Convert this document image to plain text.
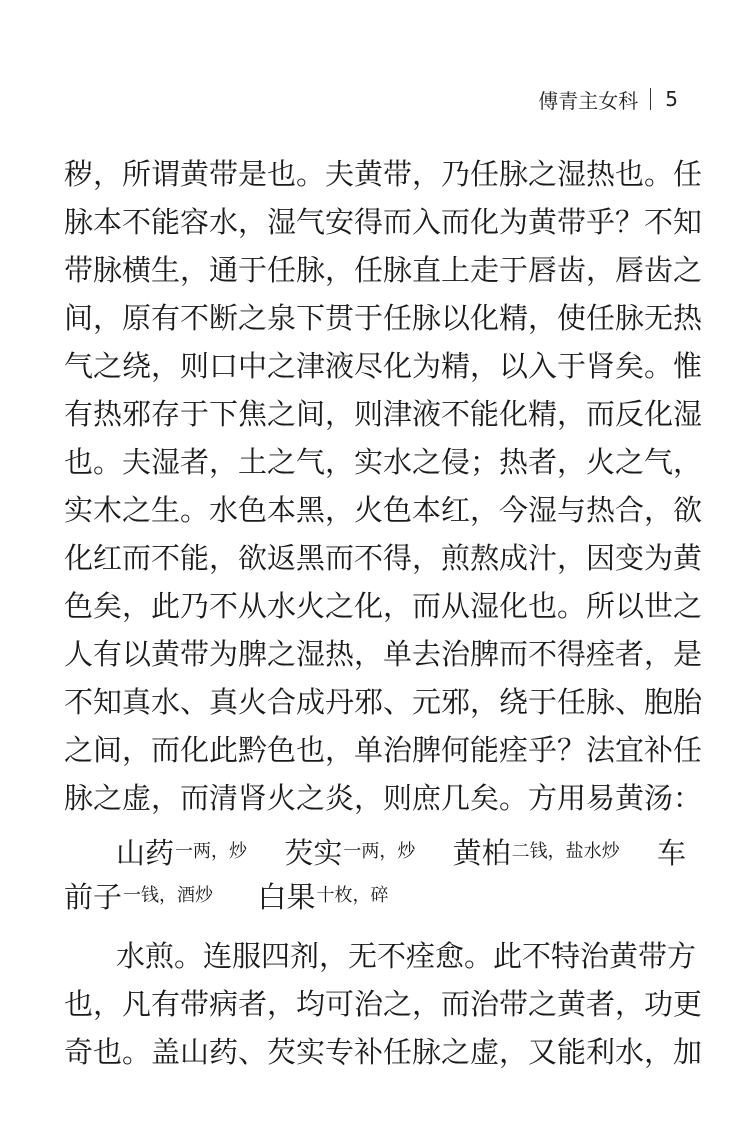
傅青主女科 5
秽，所谓黄带是也。夫黄带，乃任脉之湿热也。任
脉本不能容水，湿气安得而入而化为黄带乎？不知
带脉横生，通于任脉，任脉直上走于唇齿，唇齿之
间，原有不断之泉下贯于任脉以化精，使任脉无热
气之绕，则口中之津液尽化为精，以入于肾矣。惟
有热邪存于下焦之间，则津液不能化精，而反化湿
也。夫湿者，土之气，实水之侵；热者，火之气，
实木之生。水色本黑，火色本红，今湿与热合，欲
化红而不能，欲返黑而不得，煎熬成汁，因变为黄
色矣，此乃不从水火之化，而从湿化也。所以世之
人有以黄带为脾之湿热，单去治脾而不得痊者，是
不知真水、真火合成丹邪、元邪，绕于任脉、胞胎
之间，而化此黔色也，单治脾何能痊乎？法宜补任
脉之虚，而清肾火之炎，则庶几矣。方用易黄汤：
山药$^{一两,炒}$ 芡实$^{一两,炒}$ 黄柏$^{二钱,盐水炒}$ 车
前子$^{一钱,酒炒}$ 白果$^{十枚,碎}$
水煎。连服四剂，无不痊愈。此不特治黄带方
也，凡有带病者，均可治之，而治带之黄者，功更
奇也。盖山药、芡实专补任脉之虚，又能利水，加
